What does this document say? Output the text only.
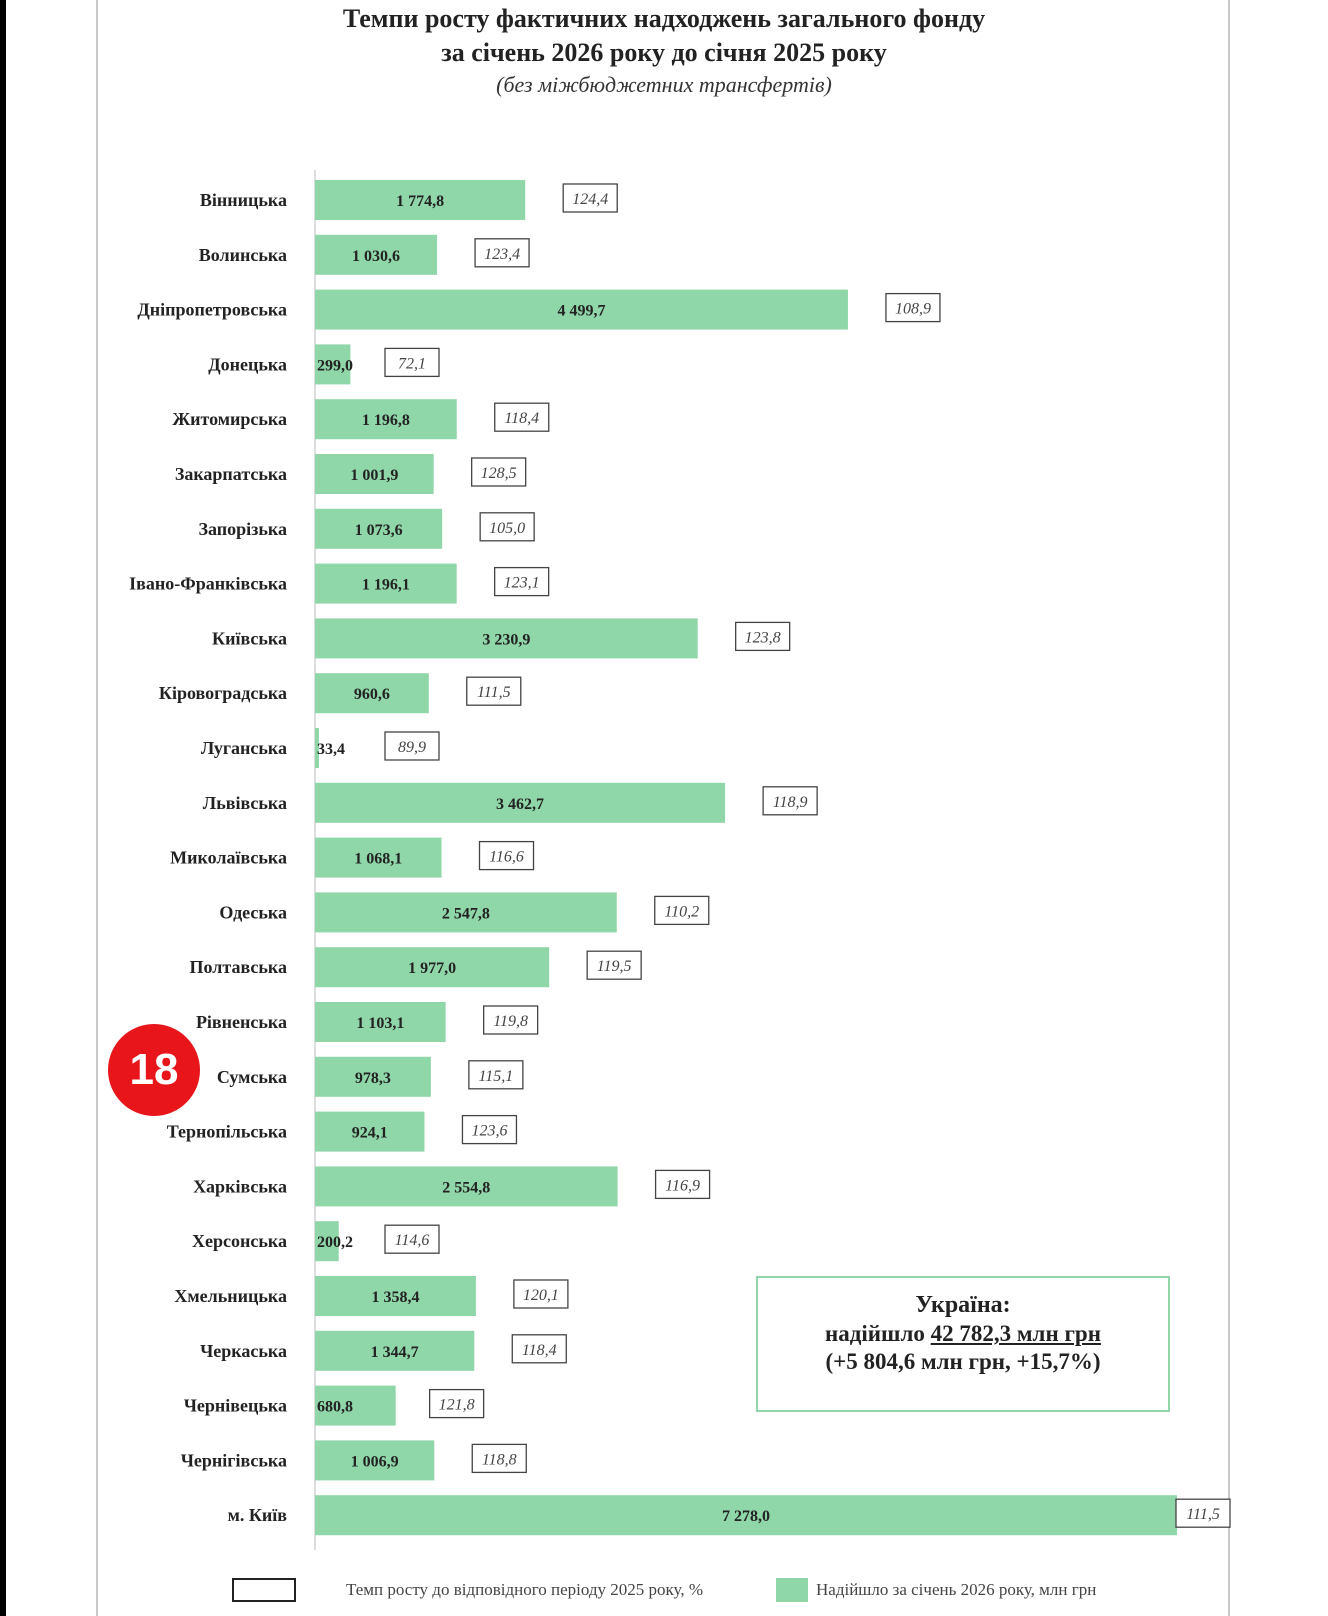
Темпи росту фактичних надходжень загального фонду
за січень 2026 року до січня 2025 року
(без міжбюджетних трансфертів)
Вінницька	1 774,8	124,4
Волинська	1 030,6	123,4
Дніпропетровська	4 499,7	108,9
Донецька 299,0	72,1
Житомирська	1 196,8	118,4
Закарпатська	1 001,9	128,5
Запорізька	1 073,6	105,0
Івано-Франківська	1 196,1	123,1
Київська	3 230,9	123,8
Кіровоградська	960,6	111,5
Луганська 33,4	89,9
Львівська	3 462,7	118,9
Миколаївська	1 068,1	116,6
Одеська	2 547,8	110,2
Полтавська	1 977,0	119,5
Рівненська	1 103,1	119,8
Сумська	978,3	115,1
Тернопільська	924,1	123,6
Харківська	2 554,8	116,9
Херсонська 200,2	114,6
Хмельницька	1 358,4	120,1
Черкаська	1 344,7	118,4
Чернівецька 680,8	121,8
Чернігівська	1 006,9	118,8
м. Київ	7 278,0	111,5
Україна:
надійшло 42 782,3 млн грн
(+5 804,6 млн грн, +15,7%)
18
Темп росту до відповідного періоду 2025 року, %	Надійшло за січень 2026 року, млн грн
